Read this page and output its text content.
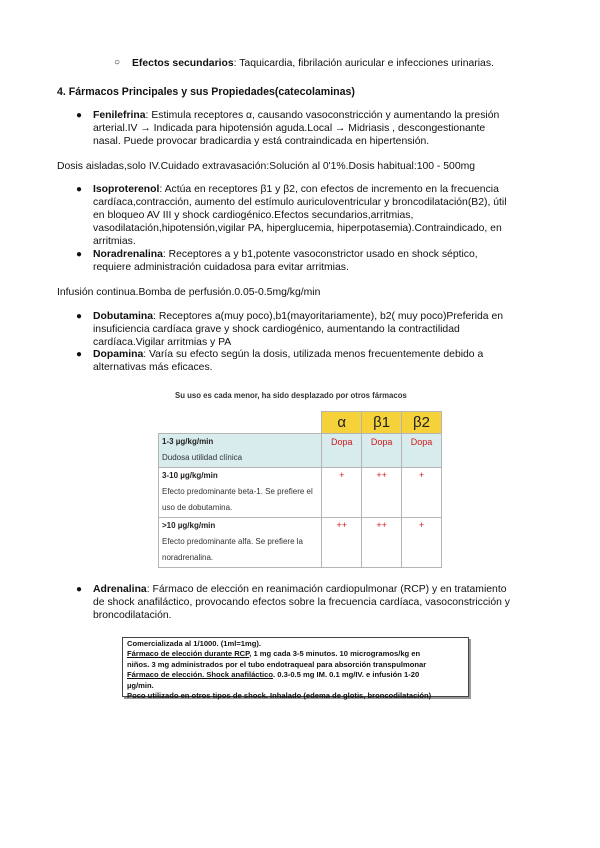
○ Efectos secundarios: Taquicardia, fibrilación auricular e infecciones urinarias.
4. Fármacos Principales y sus Propiedades(catecolaminas)
● Fenilefrina: Estimula receptores α, causando vasoconstricción y aumentando la presión
arterial.IV → Indicada para hipotensión aguda.Local → Midriasis , descongestionante
nasal. Puede provocar bradicardia y está contraindicada en hipertensión.
Dosis aisladas,solo IV.Cuidado extravasación:Solución al 0'1%.Dosis habitual:100 - 500mg
● Isoproterenol: Actúa en receptores β1 y β2, con efectos de incremento en la frecuencia
cardíaca,contracción, aumento del estímulo auriculoventricular y broncodilatación(B2), útil
en bloqueo AV III y shock cardiogénico.Efectos secundarios,arritmias,
vasodilatación,hipotensión,vigilar PA, hiperglucemia, hiperpotasemia).Contraindicado, en
arritmias.
● Noradrenalina: Receptores a y b1,potente vasoconstrictor usado en shock séptico,
requiere administración cuidadosa para evitar arritmias.
Infusión continua.Bomba de perfusión.0.05-0.5mg/kg/min
● Dobutamina: Receptores a(muy poco),b1(mayoritariamente), b2( muy poco)Preferida en
insuficiencia cardíaca grave y shock cardiogénico, aumentando la contractilidad
cardíaca.Vigilar arritmias y PA
● Dopamina: Varía su efecto según la dosis, utilizada menos frecuentemente debido a
alternativas más eficaces.
Su uso es cada menor, ha sido desplazado por otros fármacos
	α	β1	β2

1-3 µg/kg/min
Dudosa utilidad clínica	Dopa	Dopa	Dopa

3-10 µg/kg/min
Efecto predominante beta-1. Se prefiere el
uso de dobutamina.	+	++	+

>10 µg/kg/min
Efecto predominante alfa. Se prefiere la
noradrenalina.	++	++	+
● Adrenalina: Fármaco de elección en reanimación cardiopulmonar (RCP) y en tratamiento
de shock anafiláctico, provocando efectos sobre la frecuencia cardíaca, vasoconstricción y
broncodilatación.
Comercializada al 1/1000. (1ml=1mg).
Fármaco de elección durante RCP, 1 mg cada 3-5 minutos. 10 microgramos/kg en
niños. 3 mg administrados por el tubo endotraqueal para absorción transpulmonar
Fármaco de elección. Shock anafiláctico. 0.3-0.5 mg IM. 0.1 mg/IV. e infusión 1-20
µg/min.
Poco utilizado en otros tipos de shock. Inhalado (edema de glotis, broncodilatación)
